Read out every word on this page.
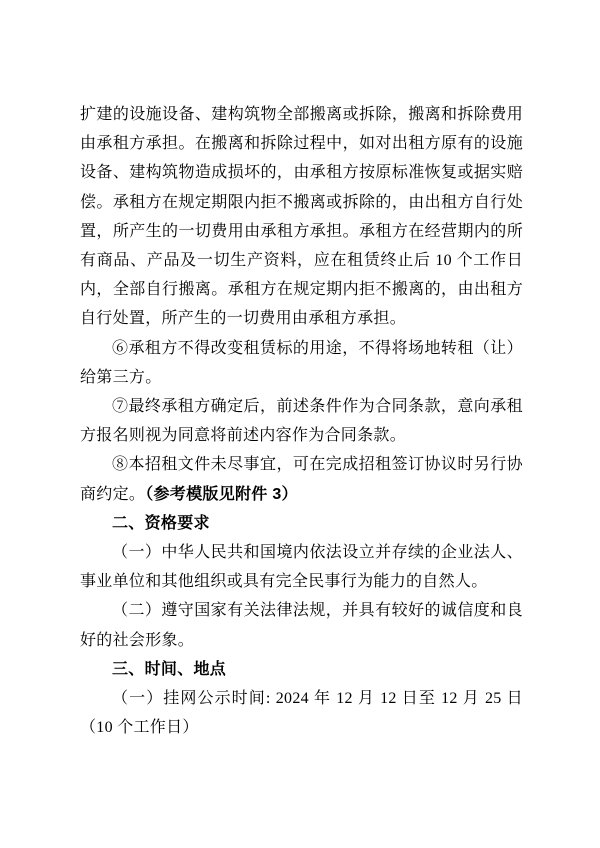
扩建的设施设备、建构筑物全部搬离或拆除，搬离和拆除费用由承租方承担。在搬离和拆除过程中，如对出租方原有的设施设备、建构筑物造成损坏的，由承租方按原标准恢复或据实赔偿。承租方在规定期限内拒不搬离或拆除的，由出租方自行处置，所产生的一切费用由承租方承担。承租方在经营期内的所有商品、产品及一切生产资料，应在租赁终止后 10 个工作日内，全部自行搬离。承租方在规定期内拒不搬离的，由出租方自行处置，所产生的一切费用由承租方承担。

⑥承租方不得改变租赁标的用途，不得将场地转租（让）给第三方。

⑦最终承租方确定后，前述条件作为合同条款，意向承租方报名则视为同意将前述内容作为合同条款。

⑧本招租文件未尽事宜，可在完成招租签订协议时另行协商约定。（参考模版见附件 3）

二、资格要求

（一）中华人民共和国境内依法设立并存续的企业法人、事业单位和其他组织或具有完全民事行为能力的自然人。

（二）遵守国家有关法律法规，并具有较好的诚信度和良好的社会形象。

三、时间、地点

（一）挂网公示时间: 2024 年 12 月 12 日至 12 月 25 日（10 个工作日）
